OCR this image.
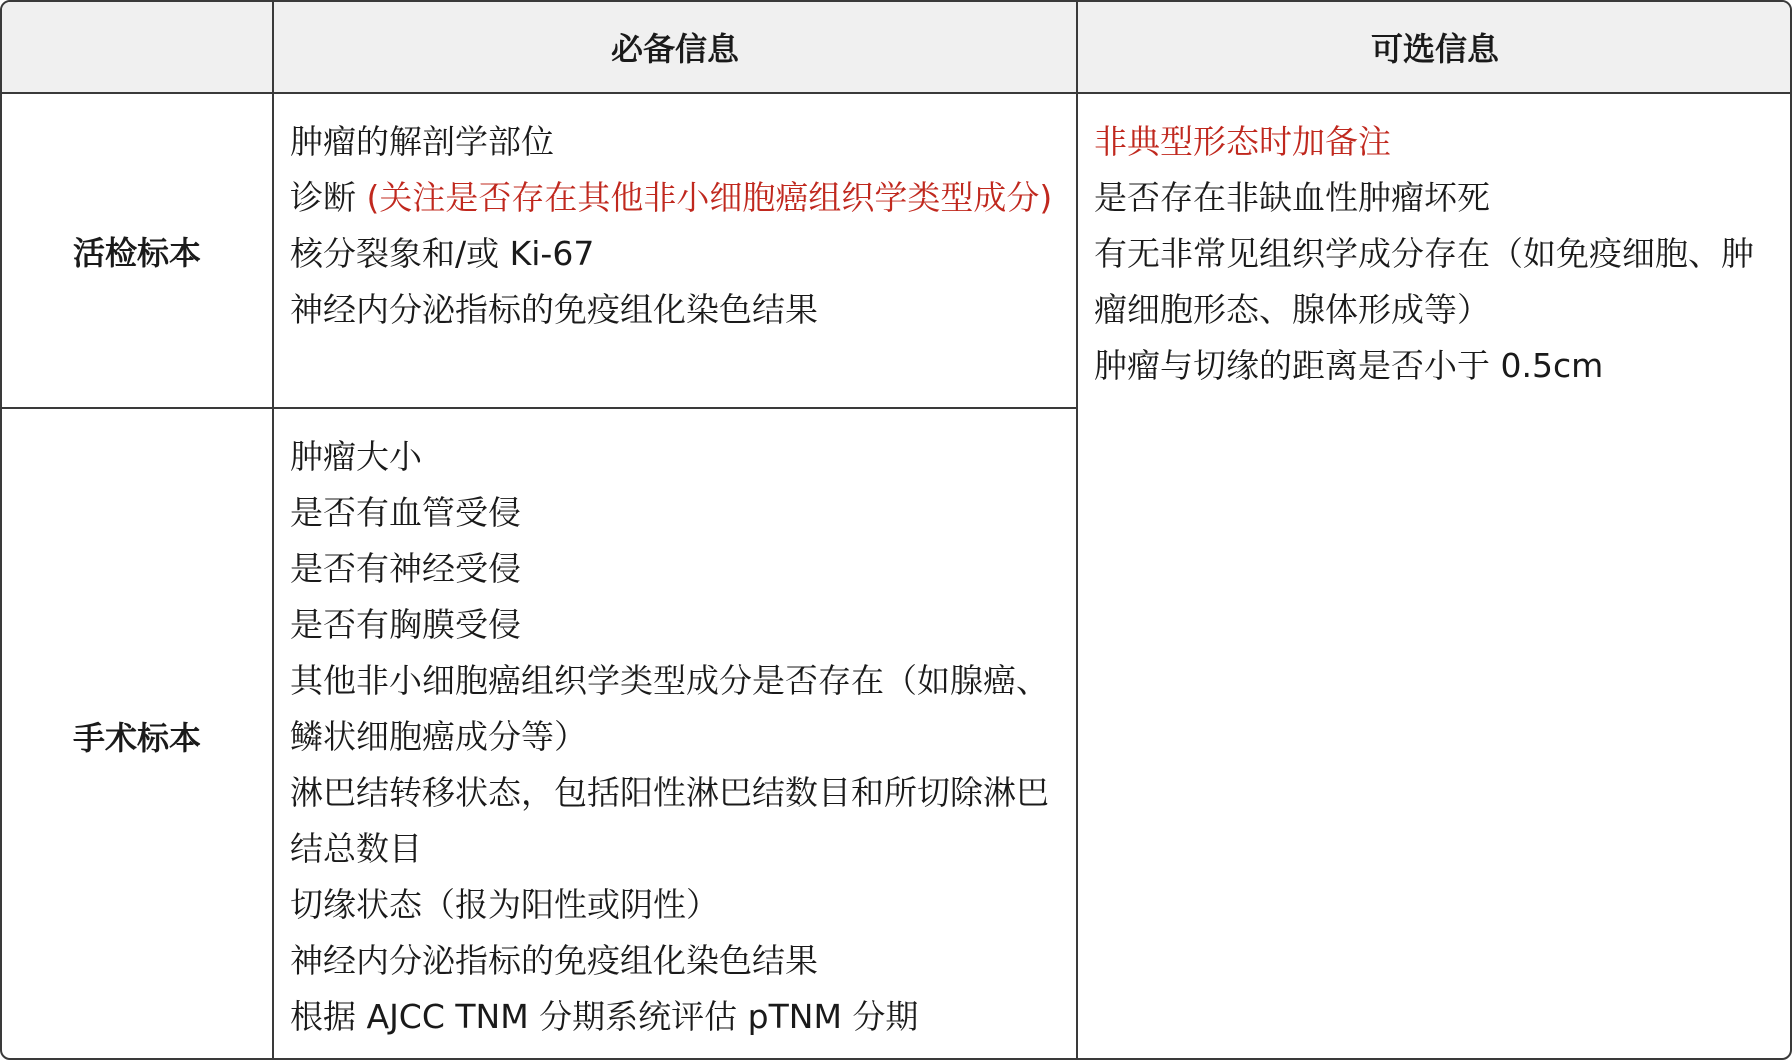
必备信息	可选信息
活检标本
手术标本
肿瘤的解剖学部位
诊断 (关注是否存在其他非小细胞癌组织学类型成分)
核分裂象和/或 Ki-67
神经内分泌指标的免疫组化染色结果
非典型形态时加备注
是否存在非缺血性肿瘤坏死
有无非常见组织学成分存在（如免疫细胞、肿瘤细胞形态、腺体形成等）
肿瘤与切缘的距离是否小于 0.5cm
肿瘤大小
是否有血管受侵
是否有神经受侵
是否有胸膜受侵
其他非小细胞癌组织学类型成分是否存在（如腺癌、鳞状细胞癌成分等）
淋巴结转移状态，包括阳性淋巴结数目和所切除淋巴结总数目
切缘状态（报为阳性或阴性）
神经内分泌指标的免疫组化染色结果
根据 AJCC TNM 分期系统评估 pTNM 分期
